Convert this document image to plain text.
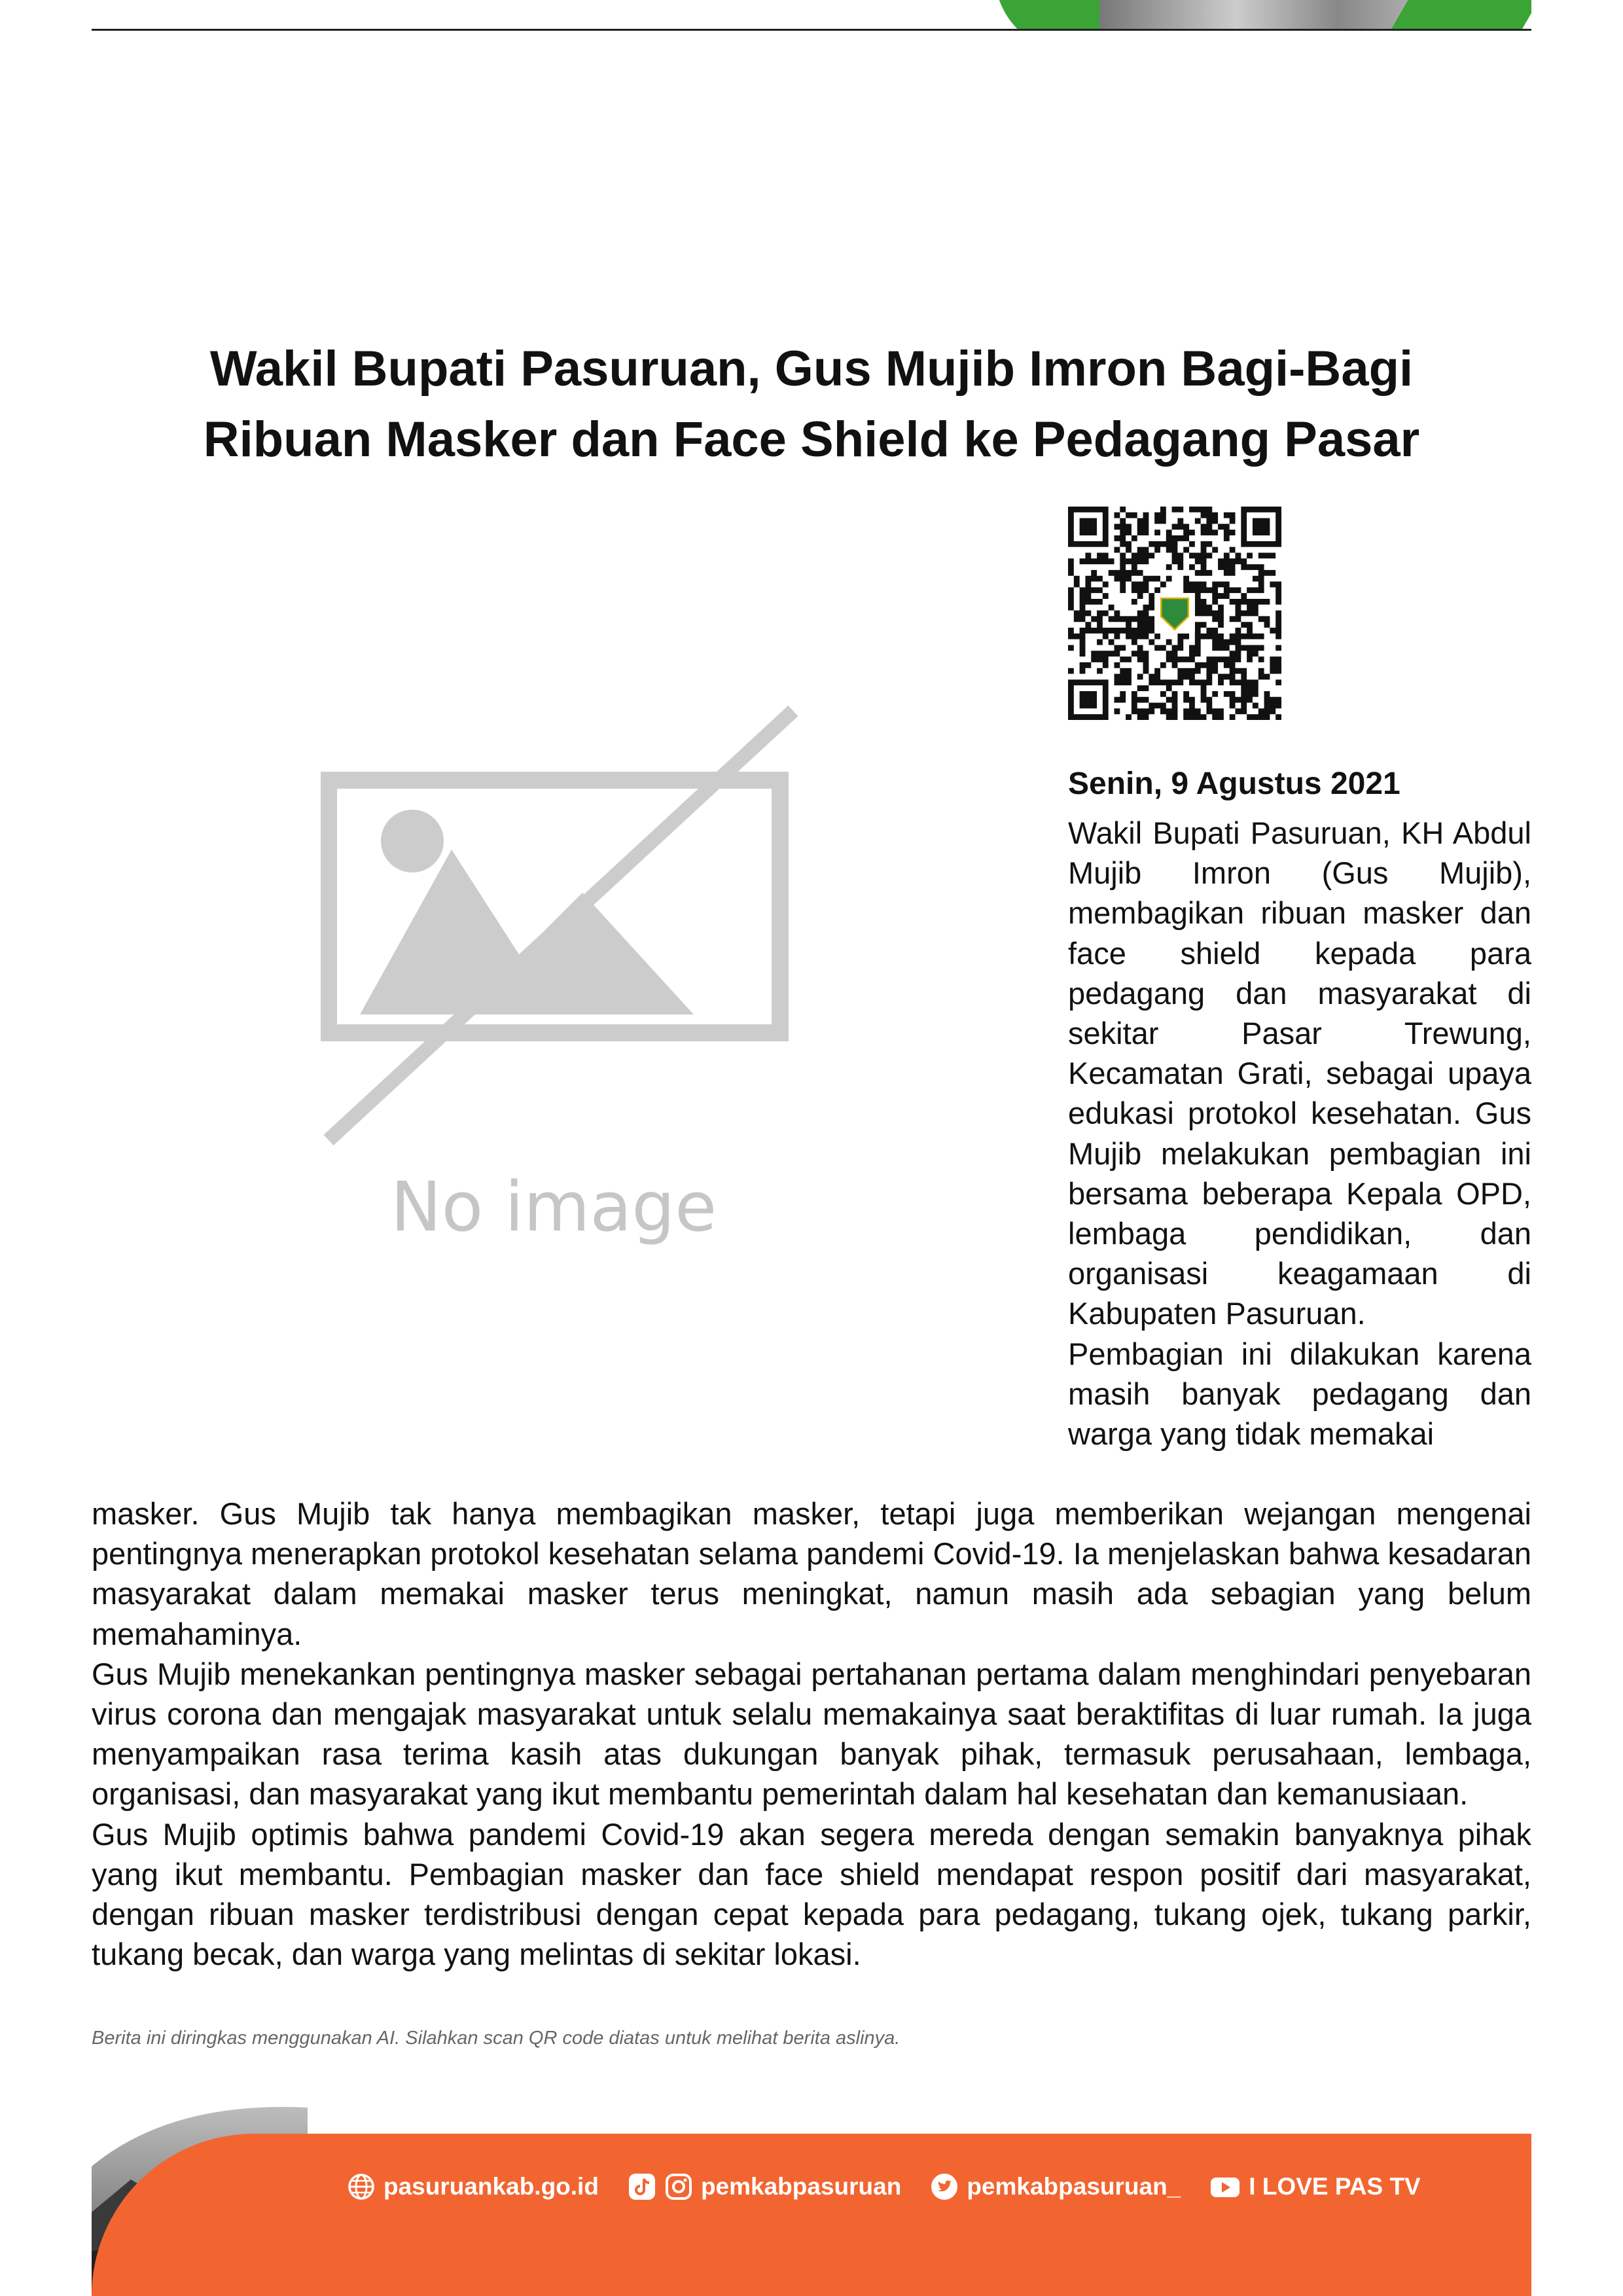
Wakil Bupati Pasuruan, Gus Mujib Imron Bagi-Bagi
Ribuan Masker dan Face Shield ke Pedagang Pasar
No image
Senin, 9 Agustus 2021

Wakil Bupati Pasuruan, KH Abdul Mujib Imron (Gus Mujib), membagikan ribuan masker dan face shield kepada para pedagang dan masyarakat di sekitar Pasar Trewung, Kecamatan Grati, sebagai upaya edukasi protokol kesehatan. Gus Mujib melakukan pembagian ini bersama beberapa Kepala OPD, lembaga pendidikan, dan organisasi keagamaan di Kabupaten Pasuruan.

Pembagian ini dilakukan karena masih banyak pedagang dan warga yang tidak memakai

masker. Gus Mujib tak hanya membagikan masker, tetapi juga memberikan wejangan mengenai pentingnya menerapkan protokol kesehatan selama pandemi Covid-19. Ia menjelaskan bahwa kesadaran masyarakat dalam memakai masker terus meningkat, namun masih ada sebagian yang belum memahaminya.

Gus Mujib menekankan pentingnya masker sebagai pertahanan pertama dalam menghindari penyebaran virus corona dan mengajak masyarakat untuk selalu memakainya saat beraktifitas di luar rumah. Ia juga menyampaikan rasa terima kasih atas dukungan banyak pihak, termasuk perusahaan, lembaga, organisasi, dan masyarakat yang ikut membantu pemerintah dalam hal kesehatan dan kemanusiaan.

Gus Mujib optimis bahwa pandemi Covid-19 akan segera mereda dengan semakin banyaknya pihak yang ikut membantu. Pembagian masker dan face shield mendapat respon positif dari masyarakat, dengan ribuan masker terdistribusi dengan cepat kepada para pedagang, tukang ojek, tukang parkir, tukang becak, dan warga yang melintas di sekitar lokasi.

Berita ini diringkas menggunakan AI. Silahkan scan QR code diatas untuk melihat berita aslinya.
pasuruankab.go.id	pemkabpasuruan	pemkabpasuruan_	I LOVE PAS TV
